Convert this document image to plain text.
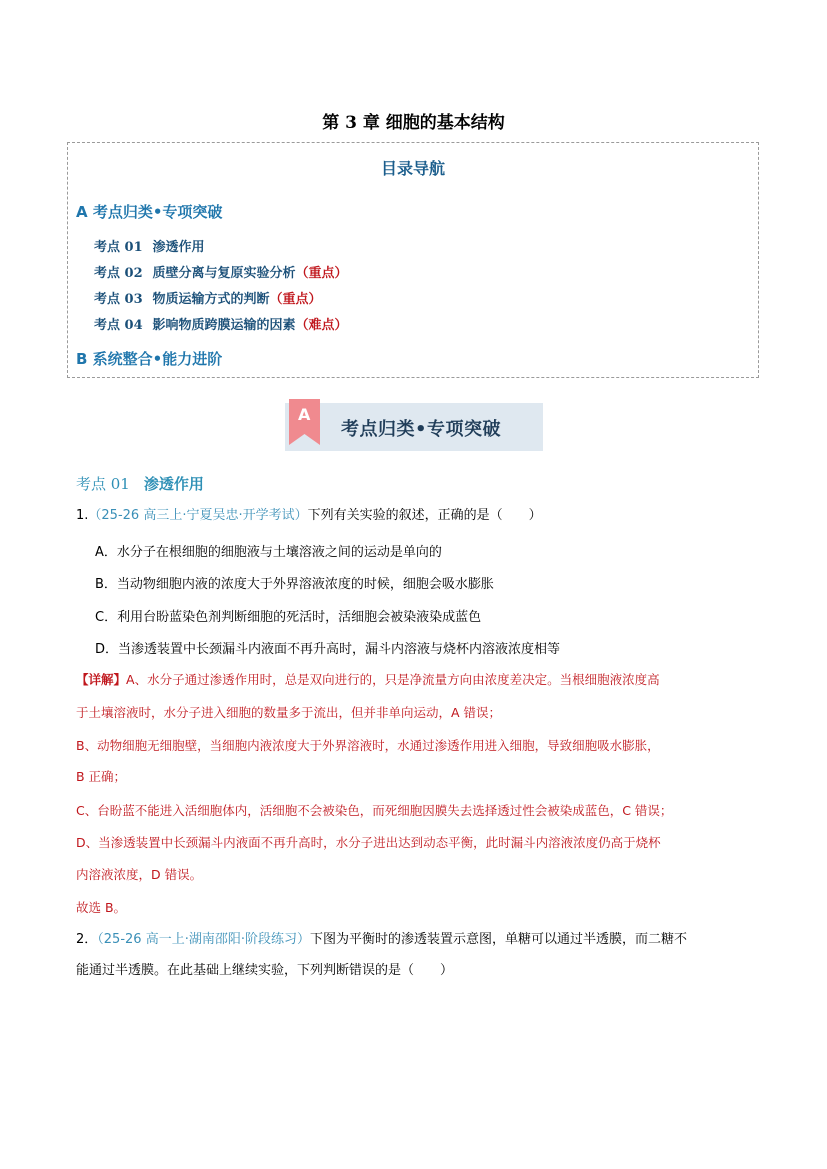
第 3 章 细胞的基本结构
目录导航
A 考点归类•专项突破
考点 01 渗透作用
考点 02 质壁分离与复原实验分析（重点）
考点 03 物质运输方式的判断（重点）
考点 04 影响物质跨膜运输的因素（难点）
B 系统整合•能力进阶
A
考点归类•专项突破
考点 01 渗透作用
1.（25-26 高三上·宁夏吴忠·开学考试）下列有关实验的叙述，正确的是（　　）
A．水分子在根细胞的细胞液与土壤溶液之间的运动是单向的
B．当动物细胞内液的浓度大于外界溶液浓度的时候，细胞会吸水膨胀
C．利用台盼蓝染色剂判断细胞的死活时，活细胞会被染液染成蓝色
D．当渗透装置中长颈漏斗内液面不再升高时，漏斗内溶液与烧杯内溶液浓度相等
【详解】A、水分子通过渗透作用时，总是双向进行的，只是净流量方向由浓度差决定。当根细胞液浓度高
于土壤溶液时，水分子进入细胞的数量多于流出，但并非单向运动，A 错误；
B、动物细胞无细胞壁，当细胞内液浓度大于外界溶液时，水通过渗透作用进入细胞，导致细胞吸水膨胀，
B 正确；
C、台盼蓝不能进入活细胞体内，活细胞不会被染色，而死细胞因膜失去选择透过性会被染成蓝色，C 错误；
D、当渗透装置中长颈漏斗内液面不再升高时，水分子进出达到动态平衡，此时漏斗内溶液浓度仍高于烧杯
内溶液浓度，D 错误。
故选 B。
2．（25-26 高一上·湖南邵阳·阶段练习）下图为平衡时的渗透装置示意图，单糖可以通过半透膜，而二糖不
能通过半透膜。在此基础上继续实验，下列判断错误的是（　　）
